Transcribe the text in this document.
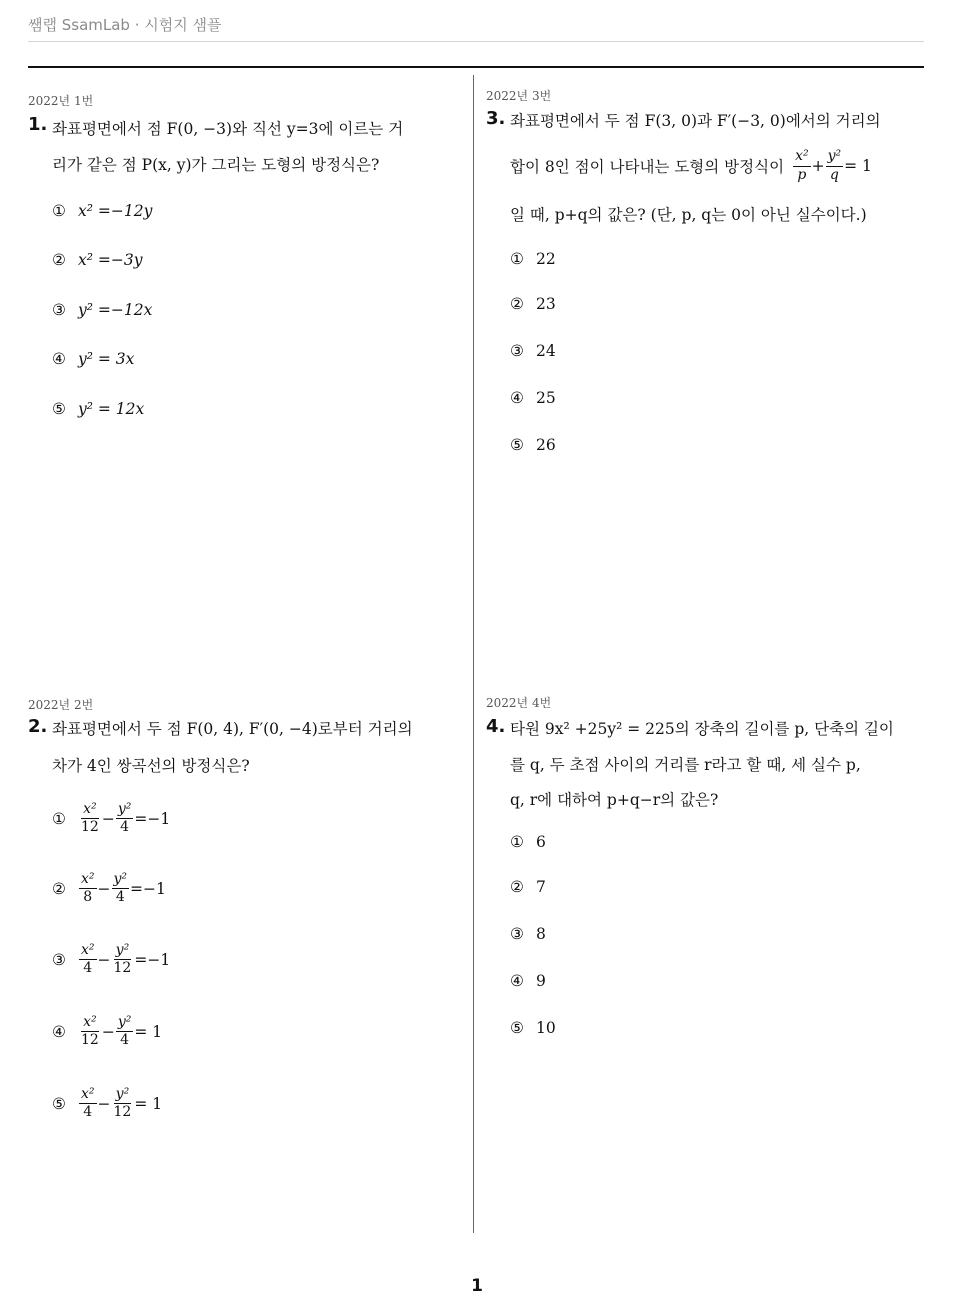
쌤랩 SsamLab · 시험지 샘플
2022년 1번
1. 좌표평면에서 점 F(0, −3)와 직선 y=3에 이르는 거
리가 같은 점 P(x, y)가 그리는 도형의 방정식은?
① x² =−12y
② x² =−3y
③ y² =−12x
④ y² = 3x
⑤ y² = 12x
2022년 3번
3. 좌표평면에서 두 점 F(3, 0)과 F′(−3, 0)에서의 거리의
합이 8인 점이 나타내는 도형의 방정식이 $\frac{\text{x²}}{p} + \frac{\text{y²}}{q} = 1$
일 때, p+q의 값은? (단, p, q는 0이 아닌 실수이다.)
① 22
② 23
③ 24
④ 25
⑤ 26
2022년 2번
2. 좌표평면에서 두 점 F(0, 4), F′(0, −4)로부터 거리의
차가 4인 쌍곡선의 방정식은?
① $\frac{\text{x²}}{12} - \frac{\text{y²}}{4} =-1$
② $\frac{\text{x²}}{8} - \frac{\text{y²}}{4} =-1$
③ $\frac{\text{x²}}{4} - \frac{\text{y²}}{12} =-1$
④ $\frac{\text{x²}}{12} - \frac{\text{y²}}{4} = 1$
⑤ $\frac{\text{x²}}{4} - \frac{\text{y²}}{12} = 1$
2022년 4번
4. 타원 9x² +25y² = 225의 장축의 길이를 p, 단축의 길이
를 q, 두 초점 사이의 거리를 r라고 할 때, 세 실수 p,
q, r에 대하여 p+q−r의 값은?
① 6
② 7
③ 8
④ 9
⑤ 10
1
